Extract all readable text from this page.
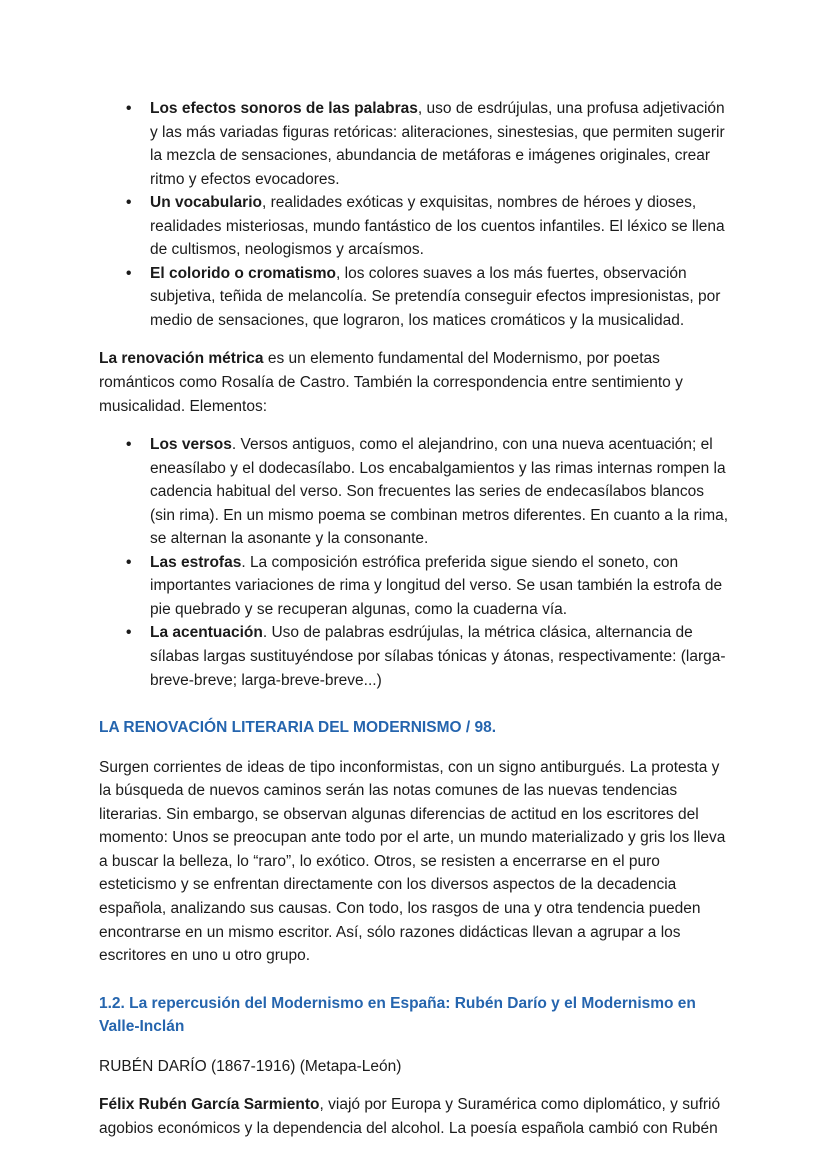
•	Los efectos sonoros de las palabras, uso de esdrújulas, una profusa adjetivación y las más variadas figuras retóricas: aliteraciones, sinestesias, que permiten sugerir la mezcla de sensaciones, abundancia de metáforas e imágenes originales, crear ritmo y efectos evocadores.
•	Un vocabulario, realidades exóticas y exquisitas, nombres de héroes y dioses, realidades misteriosas, mundo fantástico de los cuentos infantiles. El léxico se llena de cultismos, neologismos y arcaísmos.
•	El colorido o cromatismo, los colores suaves a los más fuertes, observación subjetiva, teñida de melancolía. Se pretendía conseguir efectos impresionistas, por medio de sensaciones, que lograron, los matices cromáticos y la musicalidad.

La renovación métrica es un elemento fundamental del Modernismo, por poetas románticos como Rosalía de Castro. También la correspondencia entre sentimiento y musicalidad. Elementos:

•	Los versos. Versos antiguos, como el alejandrino, con una nueva acentuación; el eneasílabo y el dodecasílabo. Los encabalgamientos y las rimas internas rompen la cadencia habitual del verso. Son frecuentes las series de endecasílabos blancos (sin rima). En un mismo poema se combinan metros diferentes. En cuanto a la rima, se alternan la asonante y la consonante.
•	Las estrofas. La composición estrófica preferida sigue siendo el soneto, con importantes variaciones de rima y longitud del verso. Se usan también la estrofa de pie quebrado y se recuperan algunas, como la cuaderna vía.
•	La acentuación. Uso de palabras esdrújulas, la métrica clásica, alternancia de sílabas largas sustituyéndose por sílabas tónicas y átonas, respectivamente: (larga-breve-breve; larga-breve-breve...)
LA RENOVACIÓN LITERARIA DEL MODERNISMO / 98.

Surgen corrientes de ideas de tipo inconformistas, con un signo antiburgués. La protesta y la búsqueda de nuevos caminos serán las notas comunes de las nuevas tendencias literarias. Sin embargo, se observan algunas diferencias de actitud en los escritores del momento: Unos se preocupan ante todo por el arte, un mundo materializado y gris los lleva a buscar la belleza, lo “raro”, lo exótico. Otros, se resisten a encerrarse en el puro esteticismo y se enfrentan directamente con los diversos aspectos de la decadencia española, analizando sus causas. Con todo, los rasgos de una y otra tendencia pueden encontrarse en un mismo escritor. Así, sólo razones didácticas llevan a agrupar a los escritores en uno u otro grupo.

1.2. La repercusión del Modernismo en España: Rubén Darío y el Modernismo en Valle-Inclán

RUBÉN DARÍO (1867-1916) (Metapa-León)

Félix Rubén García Sarmiento, viajó por Europa y Suramérica como diplomático, y sufrió agobios económicos y la dependencia del alcohol. La poesía española cambió con Rubén
